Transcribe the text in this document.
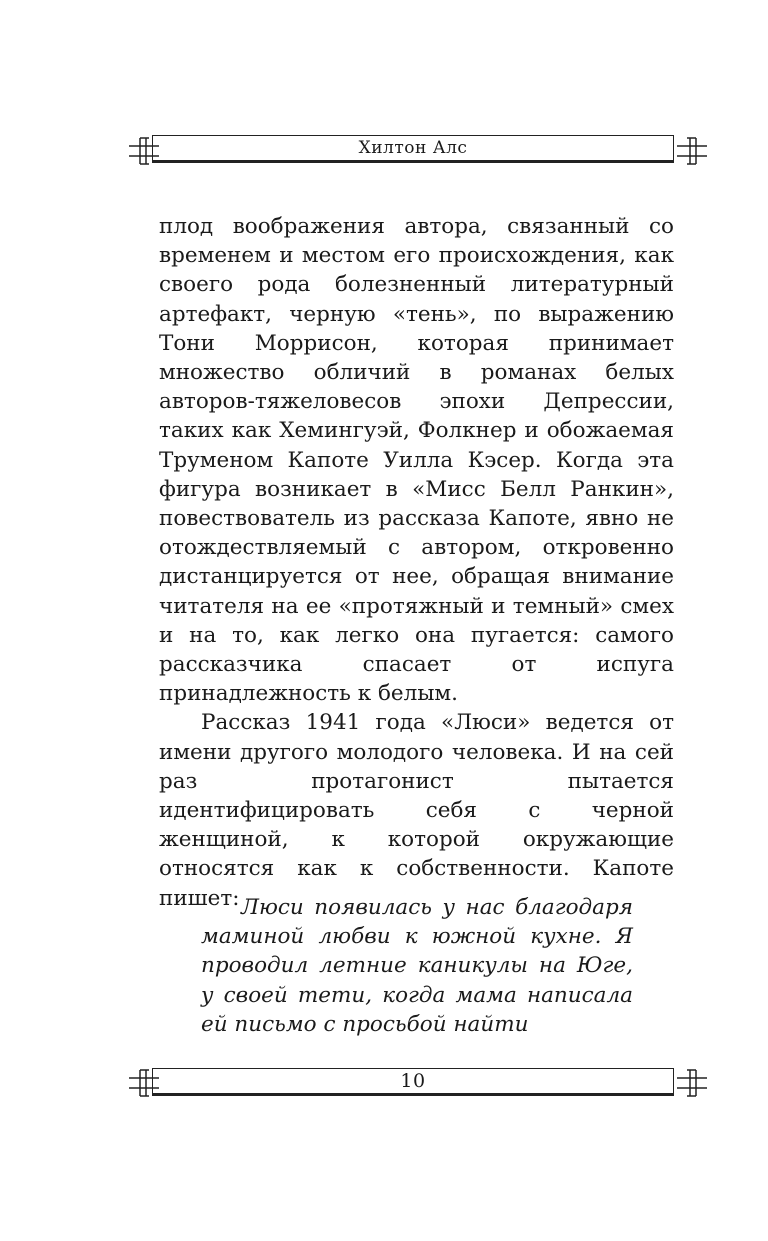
Хилтон Алс

плод воображения автора, связанный со временем и местом его происхождения, как своего рода болезненный литературный артефакт, черную «тень», по выражению Тони Моррисон, которая принимает множество обличий в романах белых авторов-тяжеловесов эпохи Депрессии, таких как Хемингуэй, Фолкнер и обожаемая Труменом Капоте Уилла Кэсер. Когда эта фигура возникает в «Мисс Белл Ранкин», повествователь из рассказа Капоте, явно не отождествляемый с автором, откровенно дистанцируется от нее, обращая внимание читателя на ее «протяжный и темный» смех и на то, как легко она пугается: самого рассказчика спасает от испуга принадлежность к белым.

Рассказ 1941 года «Люси» ведется от имени другого молодого человека. И на сей раз протагонист пытается идентифицировать себя с черной женщиной, к которой окружающие относятся как к собственности. Капоте пишет: Люси появилась у нас благодаря маминой любви к южной кухне. Я проводил летние каникулы на Юге, у своей тети, когда мама написала ей письмо с просьбой найти

10
